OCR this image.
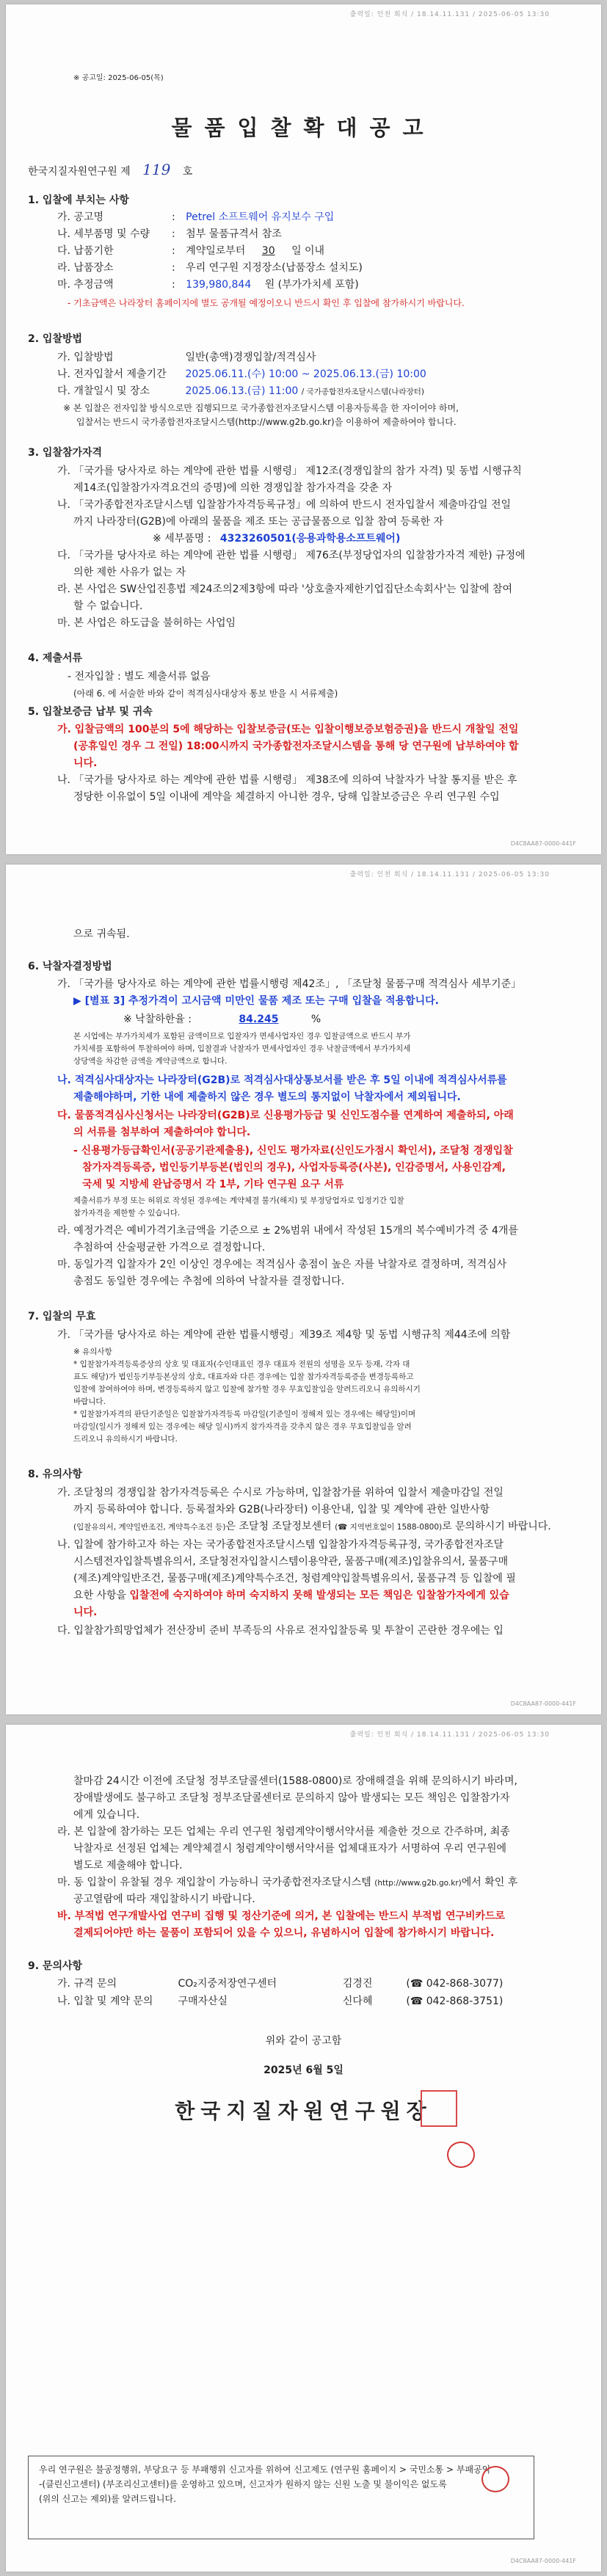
출력일: 인천 회식 / 18.14.11.131 / 2025-06-05 13:30
※ 공고일: 2025-06-05(목)
물품입찰확대공고
한국지질자원연구원 제 119 호
1. 입찰에 부치는 사항
가. 공고명	: Petrel 소프트웨어 유지보수 구입
나. 세부품명 및 수량 : 첨부 물품규격서 참조
다. 납품기한	: 계약일로부터 30 일 이내
라. 납품장소	: 우리 연구원 지정장소(납품장소 설치도)
마. 추정금액	: 139,980,844 원 (부가가치세 포함)
- 기초금액은 나라장터 홈페이지에 별도 공개될 예정이오니 반드시 확인 후 입찰에 참가하시기 바랍니다.
2. 입찰방법
가. 입찰방법	일반(총액)경쟁입찰/적격심사
나. 전자입찰서 제출기간 2025.06.11.(수) 10:00 ~ 2025.06.13.(금) 10:00
다. 개찰일시 및 장소	2025.06.13.(금) 11:00 / 국가종합전자조달시스템(나라장터)
※ 본 입찰은 전자입찰 방식으로만 집행되므로 국가종합전자조달시스템 이용자등록을 한 자이어야 하며,
입찰서는 반드시 국가종합전자조달시스템(http://www.g2b.go.kr)을 이용하여 제출하여야 합니다.
3. 입찰참가자격
가. 「국가를 당사자로 하는 계약에 관한 법률 시행령」 제12조(경쟁입찰의 참가 자격) 및 동법 시행규칙
제14조(입찰참가자격요건의 증명)에 의한 경쟁입찰 참가자격을 갖춘 자
나. 「국가종합전자조달시스템 입찰참가자격등록규정」에 의하여 반드시 전자입찰서 제출마감일 전일
까지 나라장터(G2B)에 아래의 물품을 제조 또는 공급물품으로 입찰 참여 등록한 자
※ 세부품명 : 4323260501(응용과학용소프트웨어)
다. 「국가를 당사자로 하는 계약에 관한 법률 시행령」 제76조(부정당업자의 입찰참가자격 제한) 규정에
의한 제한 사유가 없는 자
라. 본 사업은 SW산업진흥법 제24조의2제3항에 따라 '상호출자제한기업집단소속회사'는 입찰에 참여
할 수 없습니다.
마. 본 사업은 하도급을 불허하는 사업임
4. 제출서류
- 전자입찰 : 별도 제출서류 없음
(아래 6. 에 서술한 바와 같이 적격심사대상자 통보 받을 시 서류제출)
5. 입찰보증금 납부 및 귀속
가. 입찰금액의 100분의 5에 해당하는 입찰보증금(또는 입찰이행보증보험증권)을 반드시 개찰일 전일
(공휴일인 경우 그 전일) 18:00시까지 국가종합전자조달시스템을 통해 당 연구원에 납부하여야 합
니다.
나. 「국가를 당사자로 하는 계약에 관한 법률 시행령」 제38조에 의하여 낙찰자가 낙찰 통지를 받은 후
정당한 이유없이 5일 이내에 계약을 체결하지 아니한 경우, 당해 입찰보증금은 우리 연구원 수입
D4C8AA87-0000-441F
출력일: 인천 회식 / 18.14.11.131 / 2025-06-05 13:30
으로 귀속됨.
6. 낙찰자결정방법
가. 「국가를 당사자로 하는 계약에 관한 법률시행령 제42조」, 「조달청 물품구매 적격심사 세부기준」
▶ [별표 3] 추정가격이 고시금액 미만인 물품 제조 또는 구매 입찰을 적용합니다.
※ 낙찰하한율 :	84.245	%
본 시업에는 부가가치세가 포함된 금액이므로 입찰자가 면세사업자인 경우 입찰금액으로 반드시 부가
가치세를 포함하여 투찰하여야 하며, 입찰결과 낙찰자가 면세사업자인 경우 낙찰금액에서 부가가치세
상당액을 차감한 금액을 계약금액으로 합니다.
나. 적격심사대상자는 나라장터(G2B)로 적격심사대상통보서를 받은 후 5일 이내에 적격심사서류를
제출해야하며, 기한 내에 제출하지 않은 경우 별도의 통지없이 낙찰자에서 제외됩니다.
다. 물품적격심사신청서는 나라장터(G2B)로 신용평가등급 및 신인도점수를 연계하여 제출하되, 아래
의 서류를 첨부하여 제출하여야 합니다.
- 신용평가등급확인서(공공기관제출용), 신인도 평가자료(신인도가점시 확인서), 조달청 경쟁입찰
참가자격등록증, 법인등기부등본(법인의 경우), 사업자등록증(사본), 인감증명서, 사용인감계,
국세 및 지방세 완납증명서 각 1부, 기타 연구원 요구 서류
제출서류가 부정 또는 허위로 작성된 경우에는 계약체결 불가(해지) 및 부정당업자로 입정기간 입찰
참가자격을 제한할 수 있습니다.
라. 예정가격은 예비가격기초금액을 기준으로 ± 2%범위 내에서 작성된 15개의 복수예비가격 중 4개를
추첨하여 산술평균한 가격으로 결정합니다.
마. 동일가격 입찰자가 2인 이상인 경우에는 적격심사 총점이 높은 자를 낙찰자로 결정하며, 적격심사
총점도 동일한 경우에는 추첨에 의하여 낙찰자를 결정합니다.
7. 입찰의 무효
가. 「국가를 당사자로 하는 계약에 관한 법률시행령」제39조 제4항 및 동법 시행규칙 제44조에 의함
※ 유의사항
* 입찰참가자격등록증상의 상호 및 대표자(수인대표인 경우 대표자 전원의 성명을 모두 등재, 각자 대
표도 해당)가 법인등기부등본상의 상호, 대표자와 다른 경우에는 입찰 참가자격등록증을 변경등록하고
입찰에 참여하여야 하며, 변경등록하지 않고 입찰에 참가할 경우 무효입찰임을 알려드리오니 유의하시기
바랍니다.
* 입찰참가자격의 판단기준일은 입찰참가자격등록 마감일(기준일이 정해져 있는 경우에는 해당일)이며
마감일(일시가 정해져 있는 경우에는 해당 일시)까지 참가자격을 갖추지 않은 경우 무효입찰임을 알려
드리오니 유의하시기 바랍니다.
8. 유의사항
가. 조달청의 경쟁입찰 참가자격등록은 수시로 가능하며, 입찰참가를 위하여 입찰서 제출마감일 전일
까지 등록하여야 합니다. 등록절차와 G2B(나라장터) 이용안내, 입찰 및 계약에 관한 일반사항
(입찰유의서, 계약일반조건, 계약특수조건 등)은 조달청 조달정보센터 (☎ 지역번호없이 1588-0800)로 문의하시기 바랍니다.
나. 입찰에 참가하고자 하는 자는 국가종합전자조달시스템 입찰참가자격등록규정, 국가종합전자조달
시스템전자입찰특별유의서, 조달청전자입찰시스템이용약관, 물품구매(제조)입찰유의서, 물품구매
(제조)계약일반조건, 물품구매(제조)계약특수조건, 청렴계약입찰특별유의서, 물품규격 등 입찰에 필
요한 사항을 입찰전에 숙지하여야 하며 숙지하지 못해 발생되는 모든 책임은 입찰참가자에게 있습
니다.
다. 입찰참가희망업체가 전산장비 준비 부족등의 사유로 전자입찰등록 및 투찰이 곤란한 경우에는 입
D4C8AA87-0000-441F
출력일: 인천 회식 / 18.14.11.131 / 2025-06-05 13:30
찰마감 24시간 이전에 조달청 정부조달콜센터(1588-0800)로 장애해결을 위해 문의하시기 바라며,
장애발생에도 불구하고 조달청 정부조달콜센터로 문의하지 않아 발생되는 모든 책임은 입찰참가자
에게 있습니다.
라. 본 입찰에 참가하는 모든 업체는 우리 연구원 청렴계약이행서약서를 제출한 것으로 간주하며, 최종
낙찰자로 선정된 업체는 계약체결시 청렴계약이행서약서를 업체대표자가 서명하여 우리 연구원에
별도로 제출해야 합니다.
마. 동 입찰이 유찰될 경우 재입찰이 가능하니 국가종합전자조달시스템 (http://www.g2b.go.kr)에서 확인 후
공고열람에 따라 재입찰하시기 바랍니다.
바. 부적법 연구개발사업 연구비 집행 및 정산기준에 의거, 본 입찰에는 반드시 부적법 연구비카드로
결제되어야만 하는 물품이 포함되어 있을 수 있으니, 유념하시어 입찰에 참가하시기 바랍니다.
9. 문의사항
가. 규격 문의	CO₂지중저장연구센터	김경진	(☎ 042-868-3077)
나. 입찰 및 계약 문의 구매자산실	신다혜	(☎ 042-868-3751)
위와 같이 공고함
2025년 6월 5일
한국지질자원연구원장
우리 연구원은 불공정행위, 부당요구 등 부패행위 신고자를 위하여 신고제도 (연구원 홈페이지 > 국민소통 > 부패공익
-(클린신고센터) (부조리신고센터)를 운영하고 있으며, 신고자가 원하지 않는 신원 노출 및 불이익은 없도록
(위의 신고는 제외)를 알려드립니다.
D4C8AA87-0000-441F
